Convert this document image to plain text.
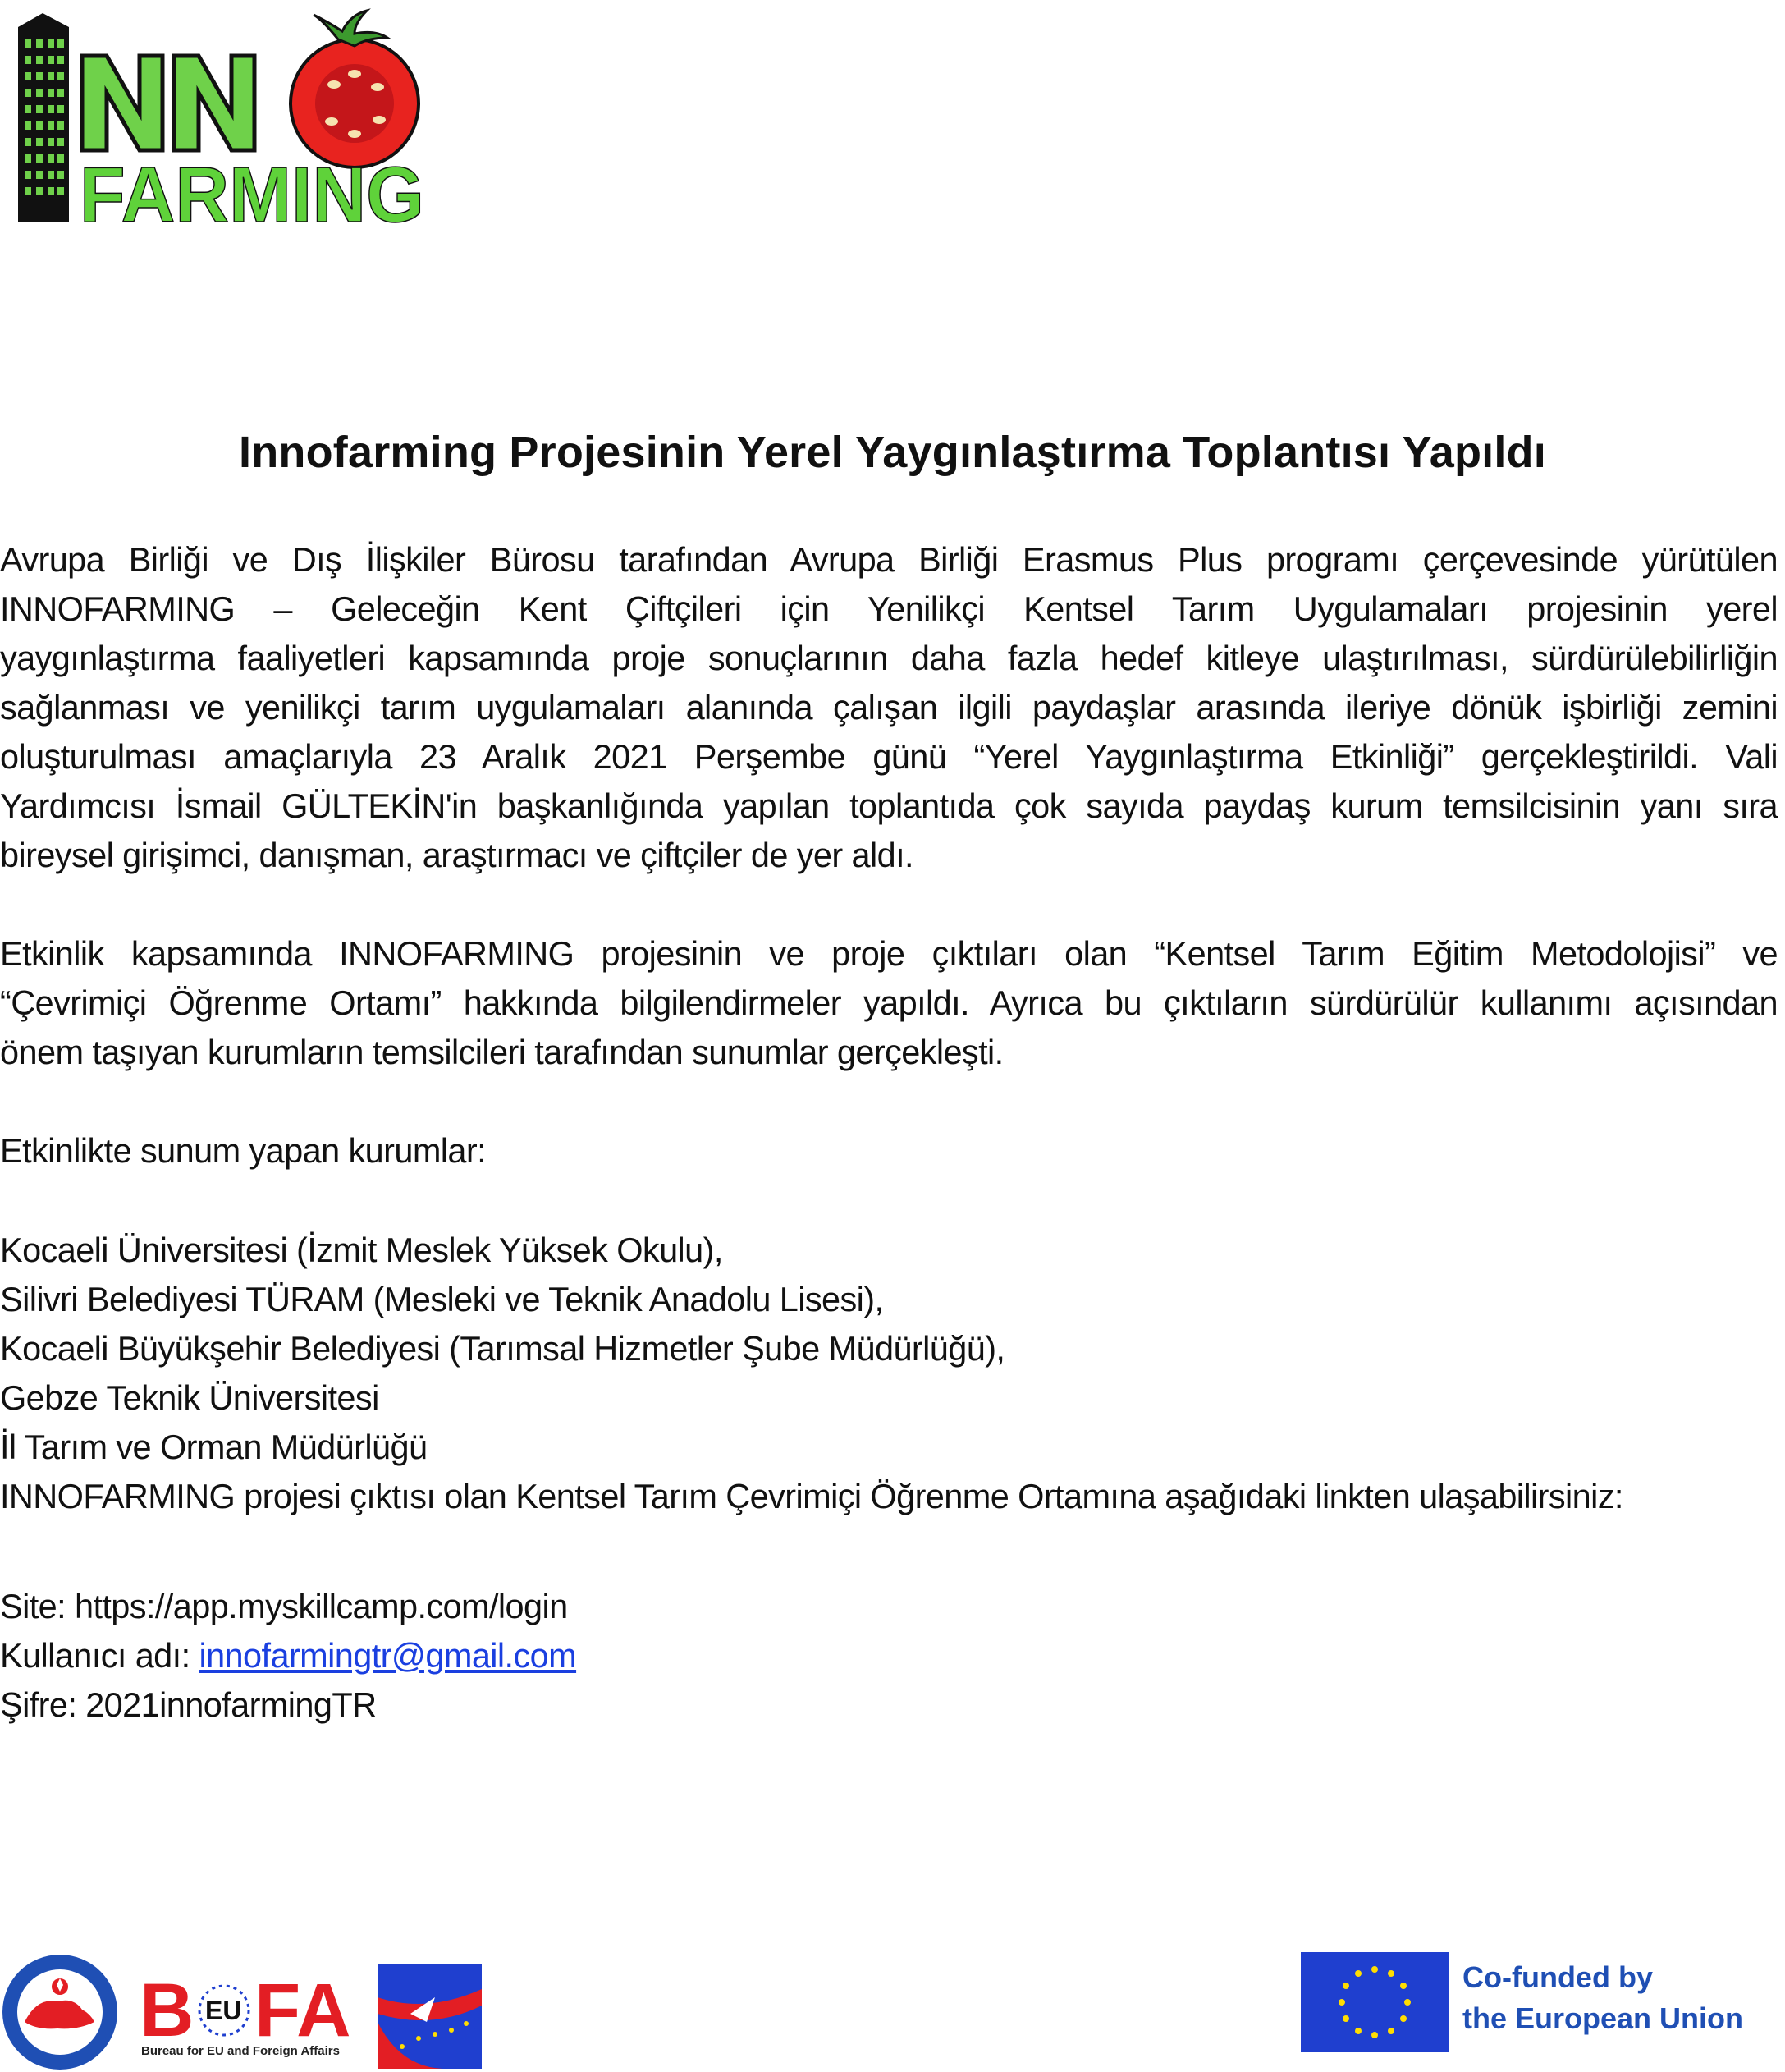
FARMING
Innofarming Projesinin Yerel Yaygınlaştırma Toplantısı Yapıldı
Avrupa Birliği ve Dış İlişkiler Bürosu tarafından Avrupa Birliği Erasmus Plus programı çerçevesinde yürütülen
INNOFARMING – Geleceğin Kent Çiftçileri için Yenilikçi Kentsel Tarım Uygulamaları projesinin yerel
yaygınlaştırma faaliyetleri kapsamında proje sonuçlarının daha fazla hedef kitleye ulaştırılması, sürdürülebilirliğin
sağlanması ve yenilikçi tarım uygulamaları alanında çalışan ilgili paydaşlar arasında ileriye dönük işbirliği zemini
oluşturulması amaçlarıyla 23 Aralık 2021 Perşembe günü “Yerel Yaygınlaştırma Etkinliği” gerçekleştirildi. Vali
Yardımcısı İsmail GÜLTEKİN'in başkanlığında yapılan toplantıda çok sayıda paydaş kurum temsilcisinin yanı sıra
bireysel girişimci, danışman, araştırmacı ve çiftçiler de yer aldı.
Etkinlik kapsamında INNOFARMING projesinin ve proje çıktıları olan “Kentsel Tarım Eğitim Metodolojisi” ve
“Çevrimiçi Öğrenme Ortamı” hakkında bilgilendirmeler yapıldı. Ayrıca bu çıktıların sürdürülür kullanımı açısından
önem taşıyan kurumların temsilcileri tarafından sunumlar gerçekleşti.
Etkinlikte sunum yapan kurumlar:
Kocaeli Üniversitesi (İzmit Meslek Yüksek Okulu),
Silivri Belediyesi TÜRAM (Mesleki ve Teknik Anadolu Lisesi),
Kocaeli Büyükşehir Belediyesi (Tarımsal Hizmetler Şube Müdürlüğü),
Gebze Teknik Üniversitesi
İl Tarım ve Orman Müdürlüğü
INNOFARMING projesi çıktısı olan Kentsel Tarım Çevrimiçi Öğrenme Ortamına aşağıdaki linkten ulaşabilirsiniz:
Site: https://app.myskillcamp.com/login
Kullanıcı adı: innofarmingtr@gmail.com
Şifre: 2021innofarmingTR
B EU FA
Bureau for EU and Foreign Affairs
Co-funded by
the European Union
